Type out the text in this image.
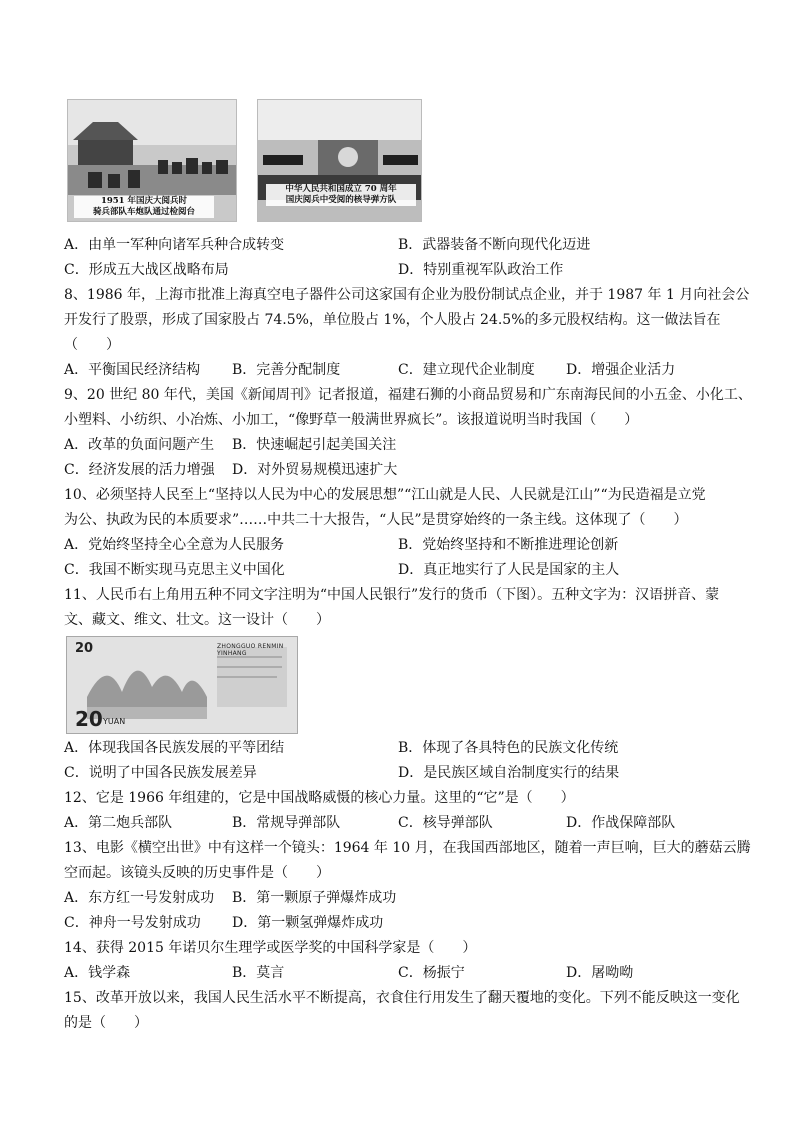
1951 年国庆大阅兵时
骑兵部队车炮队通过检阅台
中华人民共和国成立 70 周年
国庆阅兵中受阅的核导弹方队
A．由单一军种向诸军兵种合成转变	B．武器装备不断向现代化迈进
C．形成五大战区战略布局	D．特别重视军队政治工作
8、1986 年，上海市批准上海真空电子器件公司这家国有企业为股份制试点企业，并于 1987 年 1 月向社会公
开发行了股票，形成了国家股占 74.5%，单位股占 1%，个人股占 24.5%的多元股权结构。这一做法旨在
（　　）
A．平衡国民经济结构 B．完善分配制度	C．建立现代企业制度 D．增强企业活力
9、20 世纪 80 年代，美国《新闻周刊》记者报道，福建石狮的小商品贸易和广东南海民间的小五金、小化工、
小塑料、小纺织、小冶炼、小加工，“像野草一般满世界疯长”。该报道说明当时我国（　　）
A．改革的负面问题产生 B．快速崛起引起美国关注
C．经济发展的活力增强 D．对外贸易规模迅速扩大
10、必须坚持人民至上“坚持以人民为中心的发展思想”“江山就是人民、人民就是江山”“为民造福是立党
为公、执政为民的本质要求”……中共二十大报告，“人民”是贯穿始终的一条主线。这体现了（　　）
A．党始终坚持全心全意为人民服务	B．党始终坚持和不断推进理论创新
C．我国不断实现马克思主义中国化	D．真正地实行了人民是国家的主人
11、人民币右上角用五种不同文字注明为“中国人民银行”发行的货币（下图）。五种文字为：汉语拼音、蒙
文、藏文、维文、壮文。这一设计（　　）
20	ZHONGGUO RENMIN YINHANG
20 YUAN
A．体现我国各民族发展的平等团结	B．体现了各具特色的民族文化传统
C．说明了中国各民族发展差异	D．是民族区域自治制度实行的结果
12、它是 1966 年组建的，它是中国战略威慑的核心力量。这里的“它”是（　　）
A．第二炮兵部队	B．常规导弹部队	C．核导弹部队	D．作战保障部队
13、电影《横空出世》中有这样一个镜头：1964 年 10 月，在我国西部地区，随着一声巨响，巨大的蘑菇云腾
空而起。该镜头反映的历史事件是（　　）
A．东方红一号发射成功 B．第一颗原子弹爆炸成功
C．神舟一号发射成功 D．第一颗氢弹爆炸成功
14、获得 2015 年诺贝尔生理学或医学奖的中国科学家是（　　）
A．钱学森	B．莫言	C．杨振宁	D．屠呦呦
15、改革开放以来，我国人民生活水平不断提高，衣食住行用发生了翻天覆地的变化。下列不能反映这一变化
的是（　　）
